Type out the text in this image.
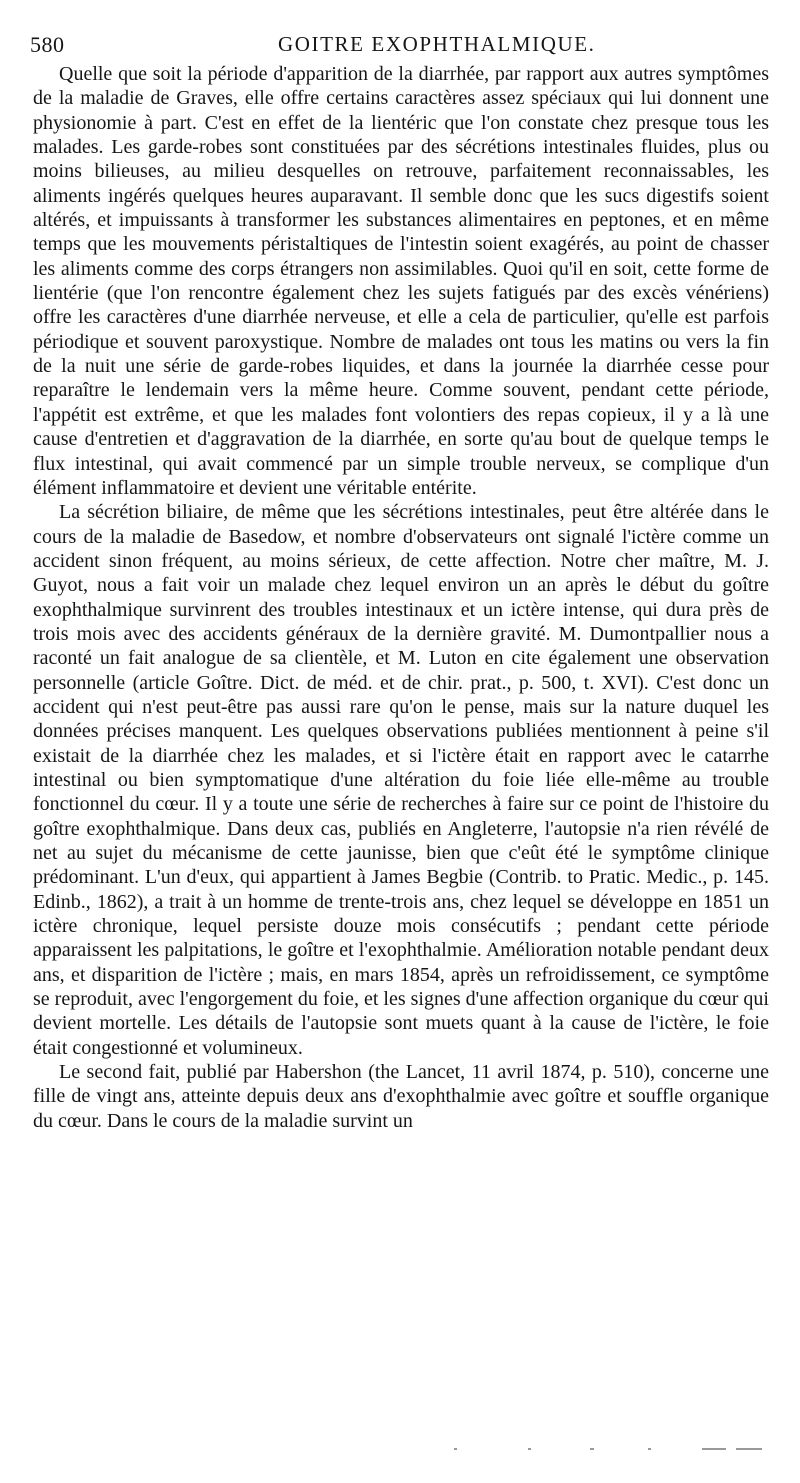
580	GOITRE EXOPHTHALMIQUE.

Quelle que soit la période d'apparition de la diarrhée, par rapport aux autres symptômes de la maladie de Graves, elle offre certains caractères assez spéciaux qui lui donnent une physionomie à part. C'est en effet de la lientéric que l'on constate chez presque tous les malades. Les garde-robes sont constituées par des sécrétions intestinales fluides, plus ou moins bilieuses, au milieu desquelles on retrouve, parfaitement reconnaissables, les aliments ingérés quelques heures auparavant. Il semble donc que les sucs digestifs soient altérés, et impuissants à transformer les substances alimentaires en peptones, et en même temps que les mouvements péristaltiques de l'intestin soient exagérés, au point de chasser les aliments comme des corps étrangers non assimilables. Quoi qu'il en soit, cette forme de lientérie (que l'on rencontre également chez les sujets fatigués par des excès vénériens) offre les caractères d'une diarrhée nerveuse, et elle a cela de particulier, qu'elle est parfois périodique et souvent paroxystique. Nombre de malades ont tous les matins ou vers la fin de la nuit une série de garde-robes liquides, et dans la journée la diarrhée cesse pour reparaître le lendemain vers la même heure. Comme souvent, pendant cette période, l'appétit est extrême, et que les malades font volontiers des repas copieux, il y a là une cause d'entretien et d'aggravation de la diarrhée, en sorte qu'au bout de quelque temps le flux intestinal, qui avait commencé par un simple trouble nerveux, se complique d'un élément inflammatoire et devient une véritable entérite.

La sécrétion biliaire, de même que les sécrétions intestinales, peut être altérée dans le cours de la maladie de Basedow, et nombre d'observateurs ont signalé l'ictère comme un accident sinon fréquent, au moins sérieux, de cette affection. Notre cher maître, M. J. Guyot, nous a fait voir un malade chez lequel environ un an après le début du goître exophthalmique survinrent des troubles intestinaux et un ictère intense, qui dura près de trois mois avec des accidents généraux de la dernière gravité. M. Dumontpallier nous a raconté un fait analogue de sa clientèle, et M. Luton en cite également une observation personnelle (article Goître. Dict. de méd. et de chir. prat., p. 500, t. XVI). C'est donc un accident qui n'est peut-être pas aussi rare qu'on le pense, mais sur la nature duquel les données précises manquent. Les quelques observations publiées mentionnent à peine s'il existait de la diarrhée chez les malades, et si l'ictère était en rapport avec le catarrhe intestinal ou bien symptomatique d'une altération du foie liée elle-même au trouble fonctionnel du cœur. Il y a toute une série de recherches à faire sur ce point de l'histoire du goître exophthalmique. Dans deux cas, publiés en Angleterre, l'autopsie n'a rien révélé de net au sujet du mécanisme de cette jaunisse, bien que c'eût été le symptôme clinique prédominant. L'un d'eux, qui appartient à James Begbie (Contrib. to Pratic. Medic., p. 145. Edinb., 1862), a trait à un homme de trente-trois ans, chez lequel se développe en 1851 un ictère chronique, lequel persiste douze mois consécutifs ; pendant cette période apparaissent les palpitations, le goître et l'exophthalmie. Amélioration notable pendant deux ans, et disparition de l'ictère ; mais, en mars 1854, après un refroidissement, ce symptôme se reproduit, avec l'engorgement du foie, et les signes d'une affection organique du cœur qui devient mortelle. Les détails de l'autopsie sont muets quant à la cause de l'ictère, le foie était congestionné et volumineux.

Le second fait, publié par Habershon (the Lancet, 11 avril 1874, p. 510), concerne une fille de vingt ans, atteinte depuis deux ans d'exophthalmie avec goître et souffle organique du cœur. Dans le cours de la maladie survint un
